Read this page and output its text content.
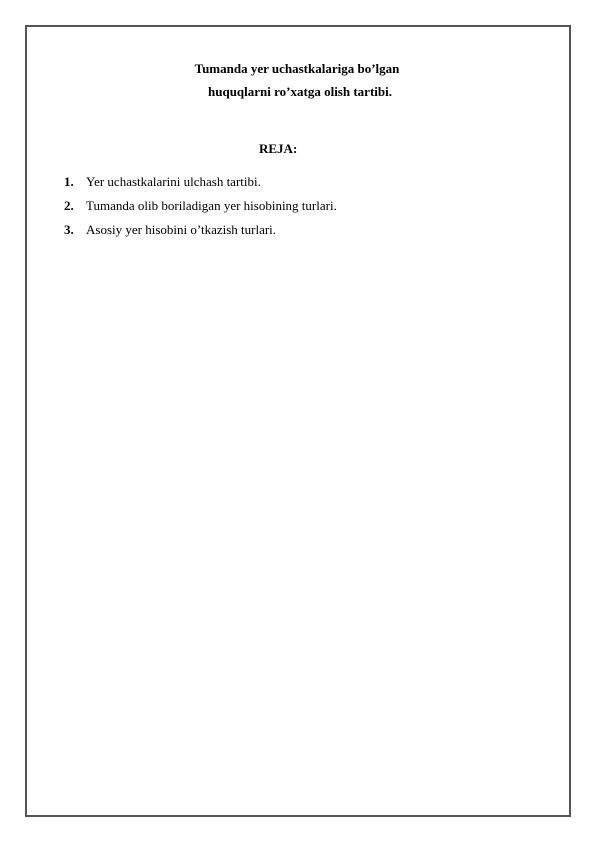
Tumanda yer uchastkalariga bo’lgan
huquqlarni ro’xatga olish tartibi.
REJA:
1. Yer uchastkalarini ulchash tartibi.
2. Tumanda olib boriladigan yer hisobining turlari.
3. Asosiy yer hisobini o’tkazish turlari.
